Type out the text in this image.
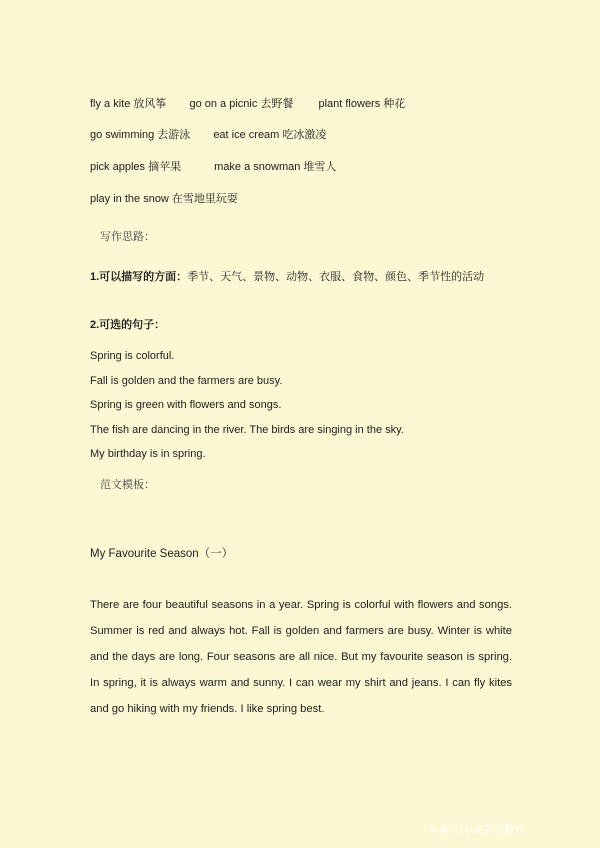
fly a kite 放风筝 go on a picnic 去野餐 plant flowers 种花
go swimming 去游泳 eat ice cream 吃冰激凌
pick apples 摘苹果	make a snowman 堆雪人
play in the snow 在雪地里玩耍
写作思路：
1.可以描写的方面：季节、天气、景物、动物、衣服、食物、颜色、季节性的活动
2.可选的句子：
Spring is colorful.
Fall is golden and the farmers are busy.
Spring is green with flowers and songs.
The fish are dancing in the river. The birds are singing in the sky.
My birthday is in spring.
范文模板：
My Favourite Season（一）
There are four beautiful seasons in a year. Spring is colorful with flowers and songs. Summer is red and always hot. Fall is golden and farmers are busy. Winter is white and the days are long. Four seasons are all nice. But my favourite season is spring. In spring, it is always warm and sunny. I can wear my shirt and jeans. I can fly kites and go hiking with my friends. I like spring best.
头条号/小虎英语教育
